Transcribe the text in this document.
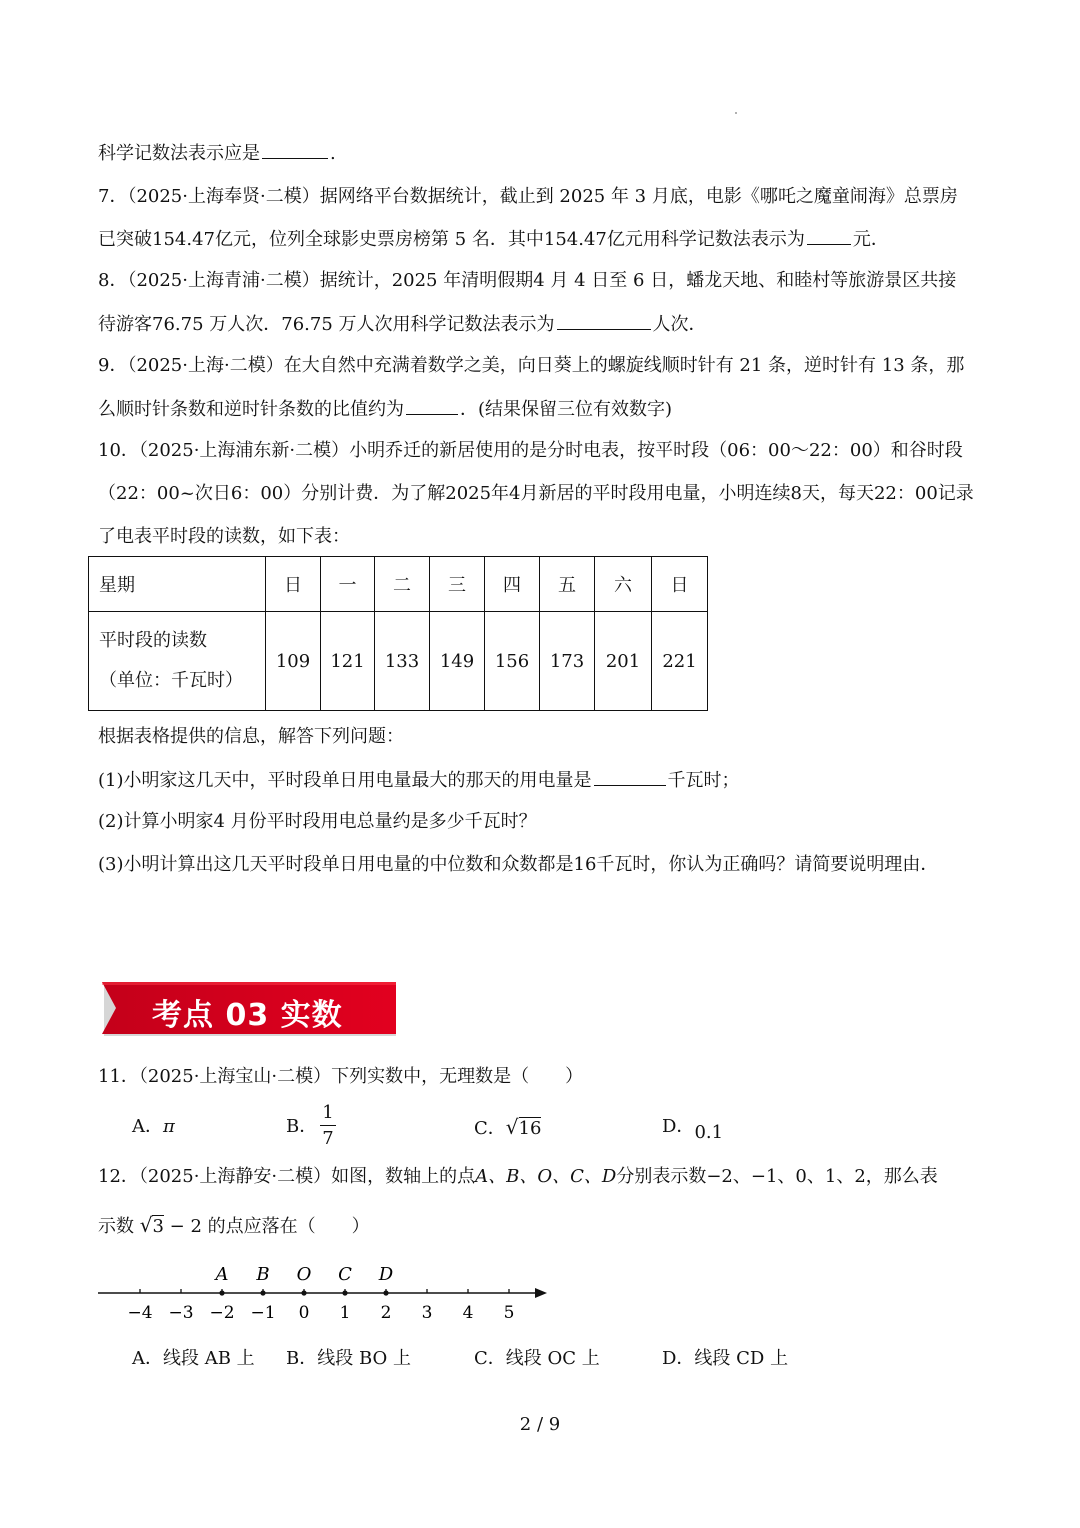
科学记数法表示应是	.
7．（2025·上海奉贤·二模）据网络平台数据统计，截止到 2025 年 3 月底，电影《哪吒之魔童闹海》总票房
已突破154.47亿元，位列全球影史票房榜第 5 名．其中154.47亿元用科学记数法表示为	元．
8．（2025·上海青浦·二模）据统计，2025 年清明假期4 月 4 日至 6 日，蟠龙天地、和睦村等旅游景区共接
待游客76.75 万人次．76.75 万人次用科学记数法表示为	人次．
9．（2025·上海·二模）在大自然中充满着数学之美，向日葵上的螺旋线顺时针有 21 条，逆时针有 13 条，那
么顺时针条数和逆时针条数的比值约为	．(结果保留三位有效数字)
10．（2025·上海浦东新·二模）小明乔迁的新居使用的是分时电表，按平时段（06：00～22：00）和谷时段
（22：00~次日6：00）分别计费．为了解2025年4月新居的平时段用电量，小明连续8天，每天22：00记录
了电表平时段的读数，如下表：
星期	日	一	二	三	四	五	六	日

平时段的读数
（单位：千瓦时）	109	121	133	149	156	173	201	221
根据表格提供的信息，解答下列问题：
(1)小明家这几天中，平时段单日用电量最大的那天的用电量是	千瓦时；
(2)计算小明家4 月份平时段用电总量约是多少千瓦时？
(3)小明计算出这几天平时段单日用电量的中位数和众数都是16千瓦时，你认为正确吗？请简要说明理由．
考点 03 实数
11．（2025·上海宝山·二模）下列实数中，无理数是（　　）
A．π	B．
1
7	C．√16	D．0.1
12．（2025·上海静安·二模）如图，数轴上的点A、B、O、C、D分别表示数−2、−1、0、1、2，那么表
示数 √3 − 2 的点应落在（　　）
−4 −3 −2 −1 0 1 2 3 4 5
A B O C D
A．线段 AB 上 B．线段 BO 上	C．线段 OC 上	D．线段 CD 上
2 / 9
